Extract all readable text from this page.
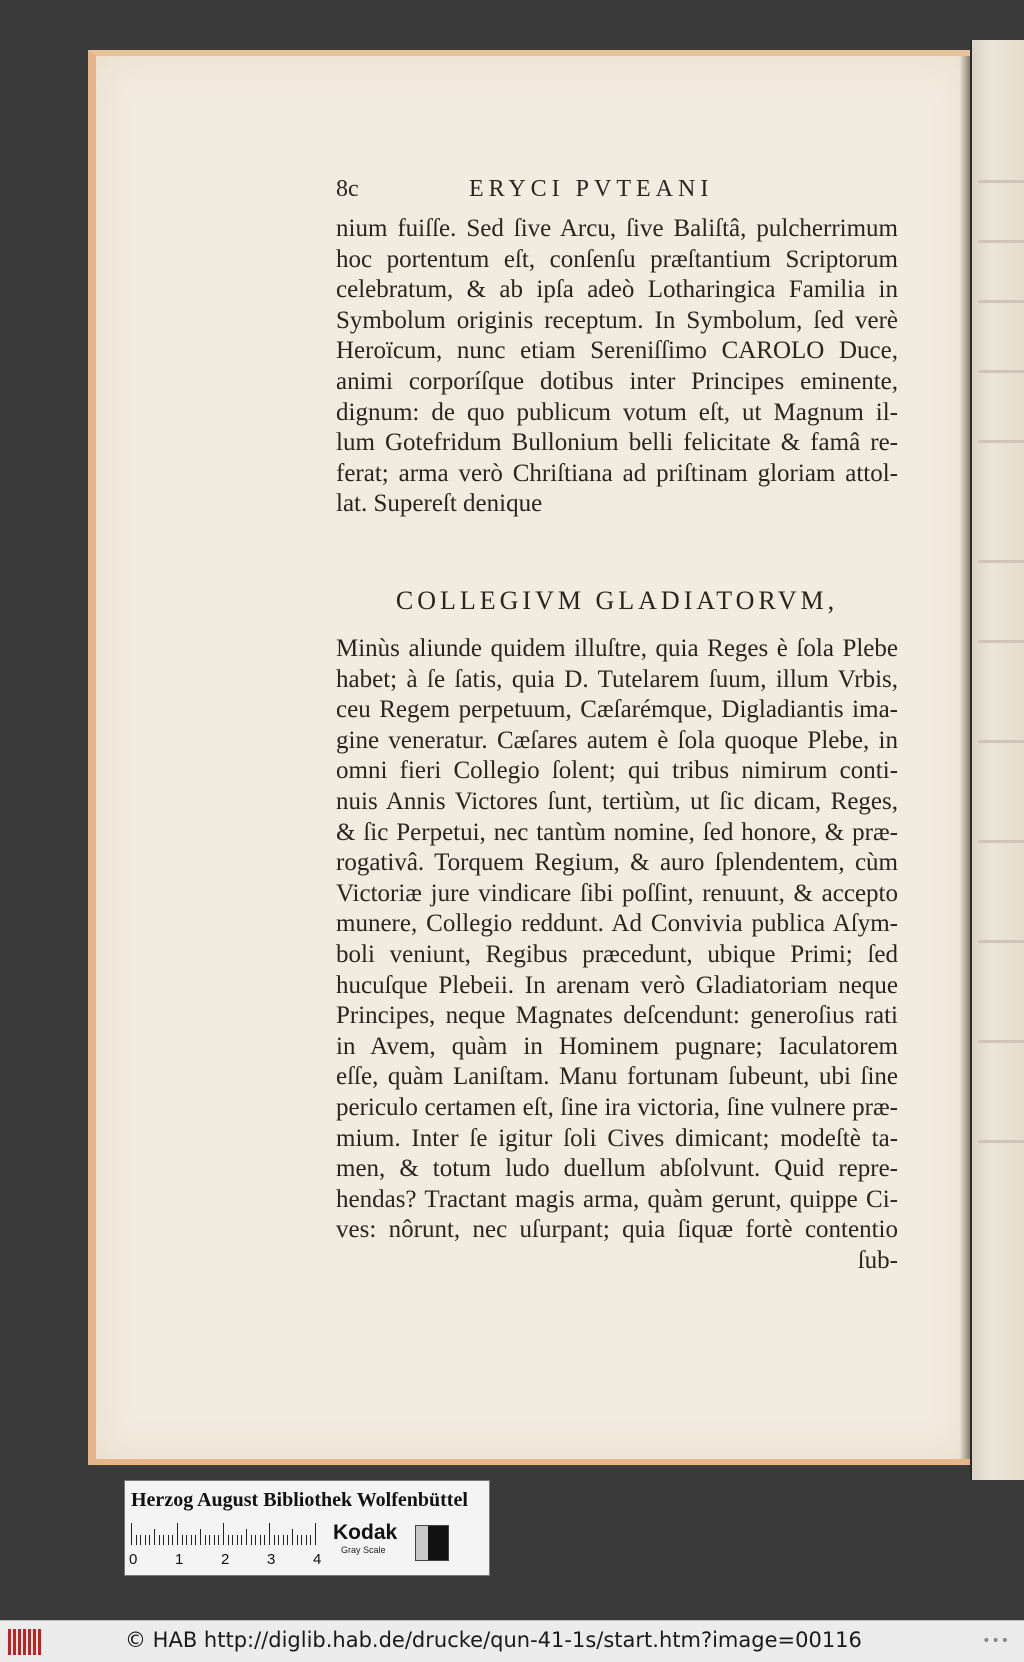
8c	ERYCI PVTEANI
nium fuiſſe. Sed ſive Arcu, ſive Baliſtâ, pulcherrimum
hoc portentum eſt, conſenſu præſtantium Scriptorum
celebratum, & ab ipſa adeò Lotharingica Familia in
Symbolum originis receptum. In Symbolum, ſed verè
Heroïcum, nunc etiam Sereniſſimo CAROLO Duce,
animi corporíſque dotibus inter Principes eminente,
dignum: de quo publicum votum eſt, ut Magnum il-
lum Gotefridum Bullonium belli felicitate & famâ re-
ferat; arma verò Chriſtiana ad priſtinam gloriam attol-
lat. Supereſt denique
COLLEGIVM GLADIATORVM,
Minùs aliunde quidem illuſtre, quia Reges è ſola Plebe
habet; à ſe ſatis, quia D. Tutelarem ſuum, illum Vrbis,
ceu Regem perpetuum, Cæſarémque, Digladiantis ima-
gine veneratur. Cæſares autem è ſola quoque Plebe, in
omni fieri Collegio ſolent; qui tribus nimirum conti-
nuis Annis Victores ſunt, tertiùm, ut ſic dicam, Reges,
& ſic Perpetui, nec tantùm nomine, ſed honore, & præ-
rogativâ. Torquem Regium, & auro ſplendentem, cùm
Victoriæ jure vindicare ſibi poſſint, renuunt, & accepto
munere, Collegio reddunt. Ad Convivia publica Aſym-
boli veniunt, Regibus præcedunt, ubique Primi; ſed
hucuſque Plebeii. In arenam verò Gladiatoriam neque
Principes, neque Magnates deſcendunt: generoſius rati
in Avem, quàm in Hominem pugnare; Iaculatorem
eſſe, quàm Laniſtam. Manu fortunam ſubeunt, ubi ſine
periculo certamen eſt, ſine ira victoria, ſine vulnere præ-
mium. Inter ſe igitur ſoli Cives dimicant; modeſtè ta-
men, & totum ludo duellum abſolvunt. Quid repre-
hendas? Tractant magis arma, quàm gerunt, quippe Ci-
ves: nôrunt, nec uſurpant; quia ſiquæ fortè contentio
ſub-
Herzog August Bibliothek Wolfenbüttel
0	1	2	3	4
Kodak
Gray Scale
© HAB http://diglib.hab.de/drucke/qun-41-1s/start.htm?image=00116	•••
